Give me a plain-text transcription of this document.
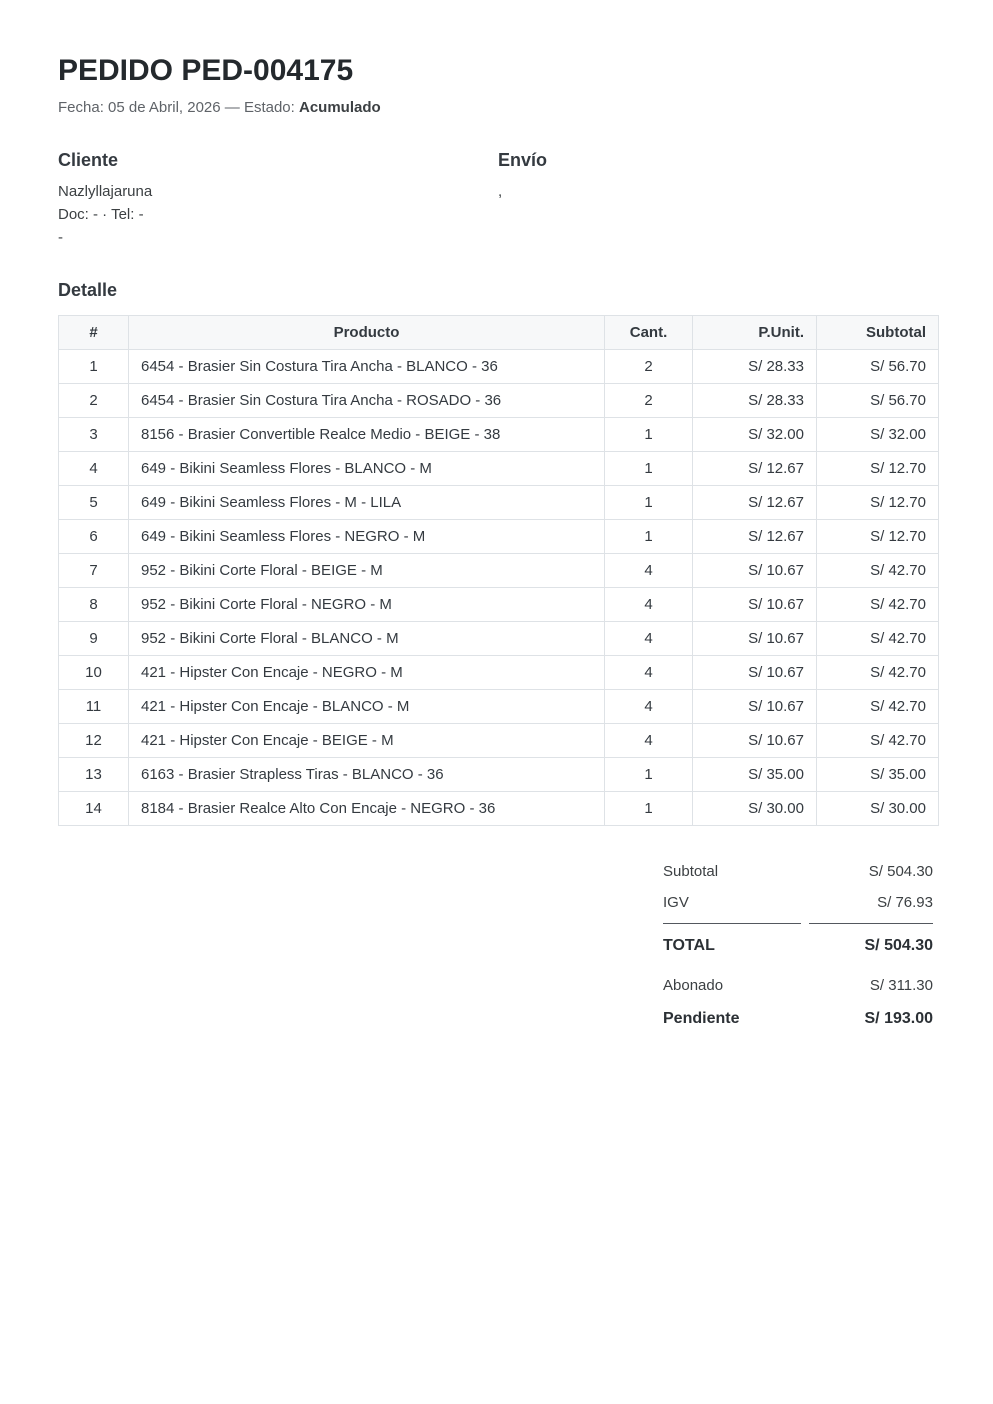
PEDIDO PED-004175

Fecha: 05 de Abril, 2026 — Estado: Acumulado

Cliente

Nazlyllajaruna

Doc: - · Tel: -

-

Envío

,

Detalle
#	Producto	Cant.	P.Unit.	Subtotal
1	6454 - Brasier Sin Costura Tira Ancha - BLANCO - 36	2	S/ 28.33	S/ 56.70
2	6454 - Brasier Sin Costura Tira Ancha - ROSADO - 36	2	S/ 28.33	S/ 56.70
3	8156 - Brasier Convertible Realce Medio - BEIGE - 38	1	S/ 32.00	S/ 32.00
4	649 - Bikini Seamless Flores - BLANCO - M	1	S/ 12.67	S/ 12.70
5	649 - Bikini Seamless Flores - M - LILA	1	S/ 12.67	S/ 12.70
6	649 - Bikini Seamless Flores - NEGRO - M	1	S/ 12.67	S/ 12.70
7	952 - Bikini Corte Floral - BEIGE - M	4	S/ 10.67	S/ 42.70
8	952 - Bikini Corte Floral - NEGRO - M	4	S/ 10.67	S/ 42.70
9	952 - Bikini Corte Floral - BLANCO - M	4	S/ 10.67	S/ 42.70
10	421 - Hipster Con Encaje - NEGRO - M	4	S/ 10.67	S/ 42.70
11	421 - Hipster Con Encaje - BLANCO - M	4	S/ 10.67	S/ 42.70
12	421 - Hipster Con Encaje - BEIGE - M	4	S/ 10.67	S/ 42.70
13	6163 - Brasier Strapless Tiras - BLANCO - 36	1	S/ 35.00	S/ 35.00
14	8184 - Brasier Realce Alto Con Encaje - NEGRO - 36	1	S/ 30.00	S/ 30.00
Subtotal	S/ 504.30
IGV	S/ 76.93
TOTAL	S/ 504.30
Abonado	S/ 311.30
Pendiente	S/ 193.00
